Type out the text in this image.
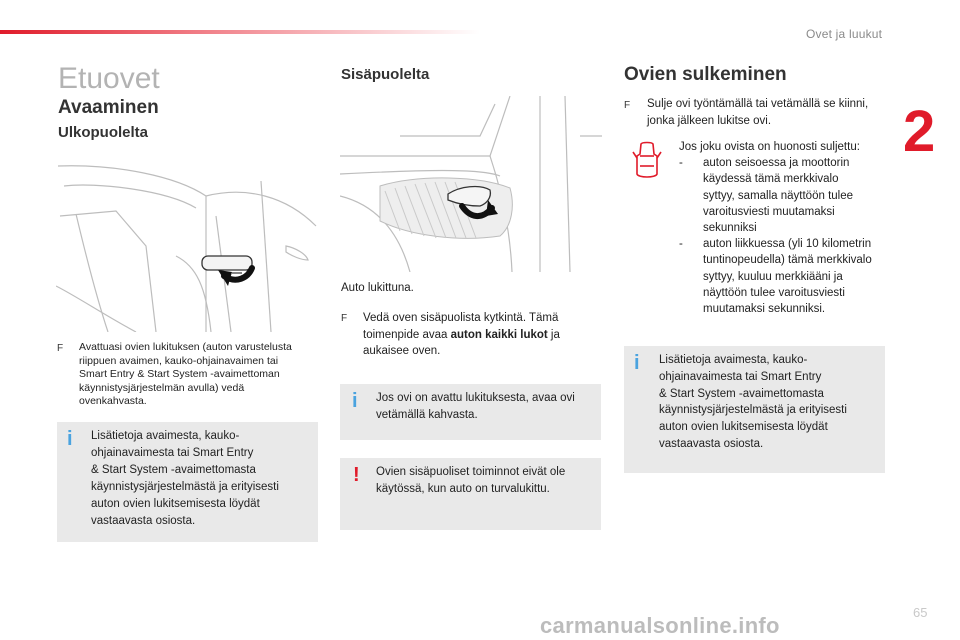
Ovet ja luukut
2
Etuovet
Avaaminen
Ulkopuolelta
F Avattuasi ovien lukituksen (auton varustelusta
riippuen avaimen, kauko-ohjainavaimen tai
Smart Entry & Start System -avaimettoman
käynnistysjärjestelmän avulla) vedä
ovenkahvasta.
i Lisätietoja avaimesta, kauko-
ohjainavaimesta tai Smart Entry
& Start System -avaimettomasta
käynnistysjärjestelmästä ja erityisesti
auton ovien lukitsemisesta löydät
vastaavasta osiosta.
Sisäpuolelta
Auto lukittuna.
F Vedä oven sisäpuolista kytkintä. Tämä
toimenpide avaa auton kaikki lukot ja
aukaisee oven.
i Jos ovi on avattu lukituksesta, avaa ovi
vetämällä kahvasta.
! Ovien sisäpuoliset toiminnot eivät ole
käytössä, kun auto on turvalukittu.
Ovien sulkeminen
F Sulje ovi työntämällä tai vetämällä se kiinni,
jonka jälkeen lukitse ovi.
Jos joku ovista on huonosti suljettu:
- auton seisoessa ja moottorin
käydessä tämä merkkivalo
syttyy, samalla näyttöön tulee
varoitusviesti muutamaksi
sekunniksi
- auton liikkuessa (yli 10 kilometrin
tuntinopeudella) tämä merkkivalo
syttyy, kuuluu merkkiääni ja
näyttöön tulee varoitusviesti
muutamaksi sekunniksi.
i Lisätietoja avaimesta, kauko-
ohjainavaimesta tai Smart Entry
& Start System -avaimettomasta
käynnistysjärjestelmästä ja erityisesti
auton ovien lukitsemisesta löydät
vastaavasta osiosta.
65
carmanualsonline.info
